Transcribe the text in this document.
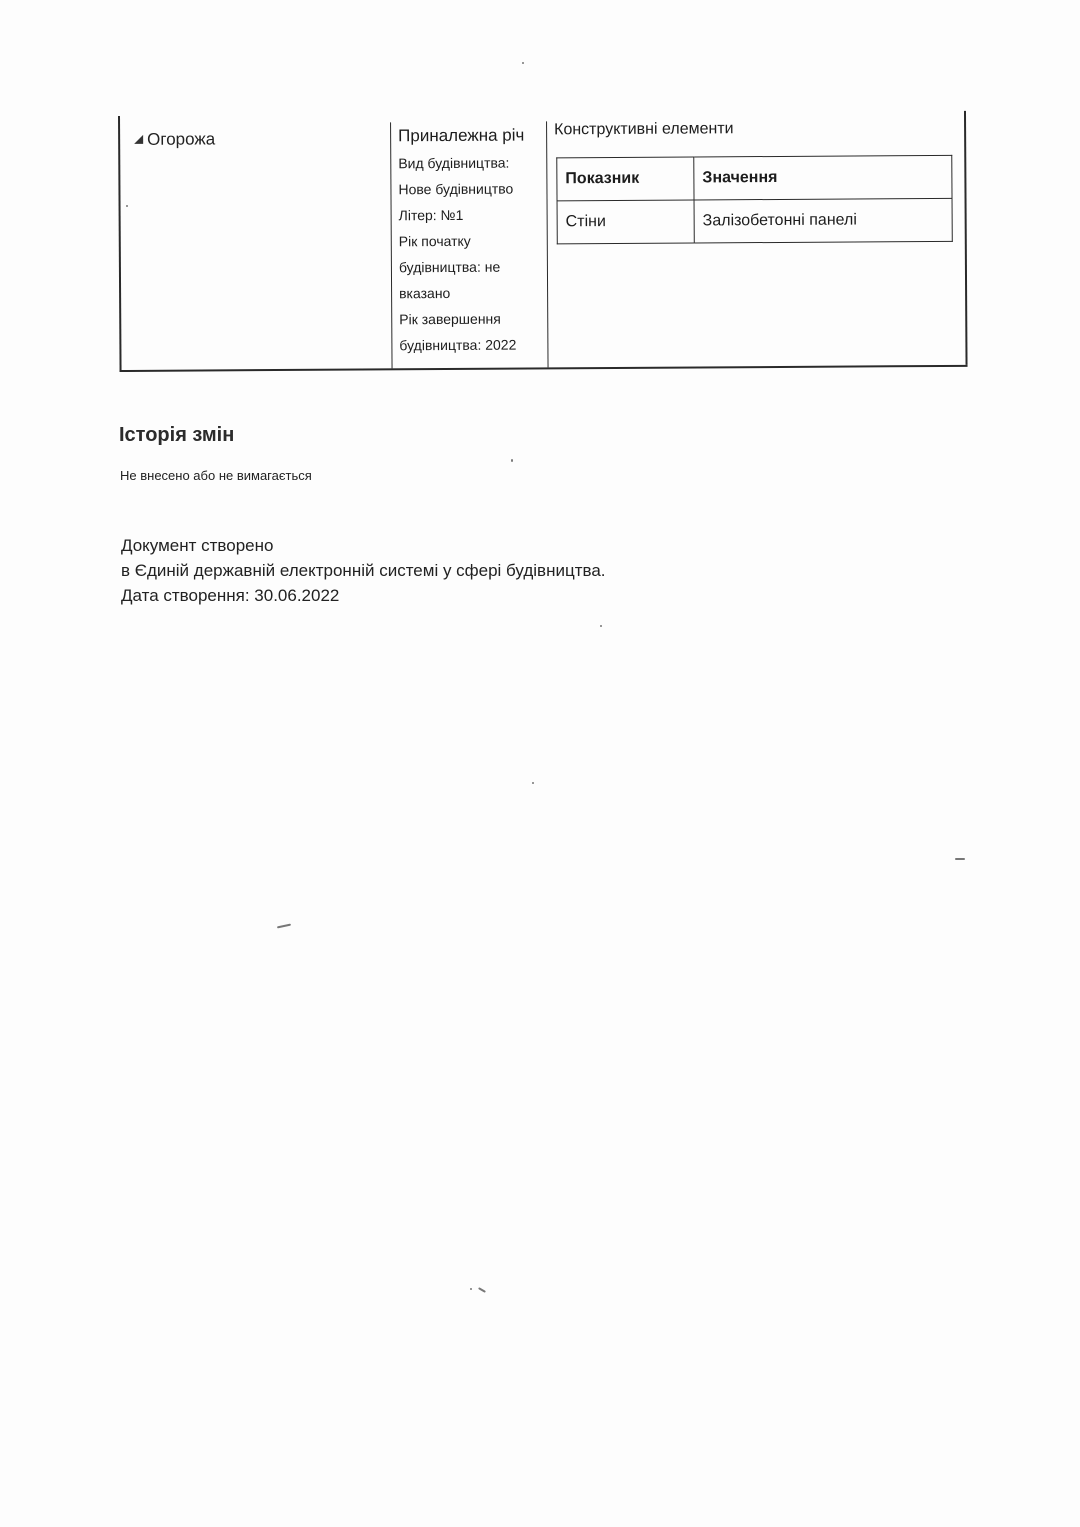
Огорожа	Приналежна річ
Вид будівництва:
Нове будівництво
Літер: №1
Рік початку
будівництва: не
вказано
Рік завершення
будівництва: 2022
Конструктивні елементи
Показник	Значення
Стіни	Залізобетонні панелі
Історія змін
Не внесено або не вимагається
Документ створено
в Єдиній державній електронній системі у сфері будівництва.
Дата створення: 30.06.2022
